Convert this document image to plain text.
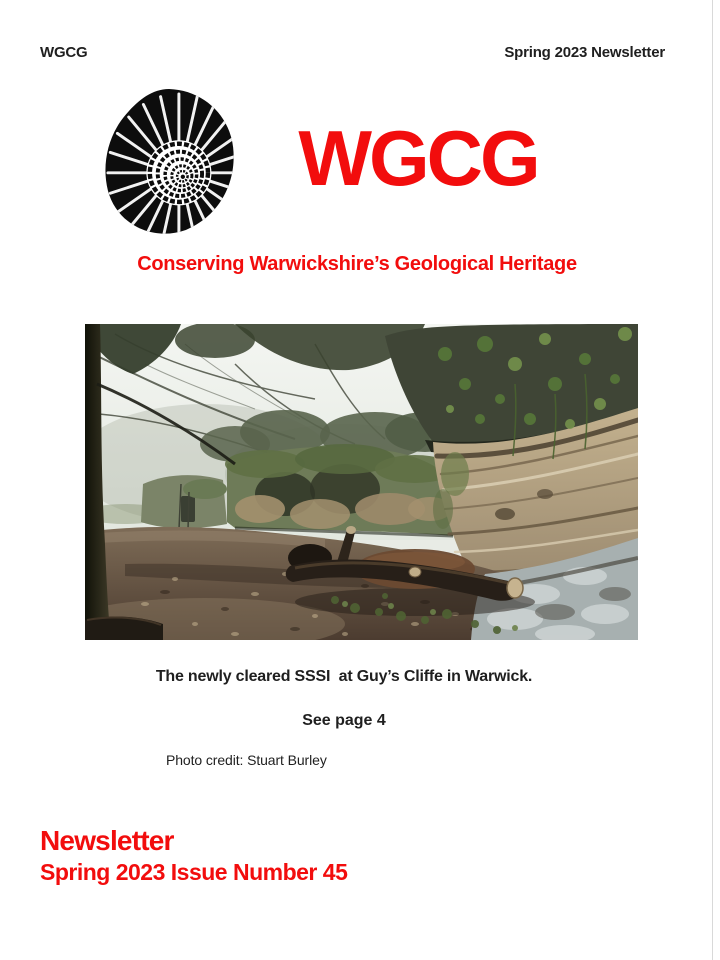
WGCG	Spring 2023 Newsletter
WGCG
Conserving Warwickshire’s Geological Heritage
The newly cleared SSSI  at Guy’s Cliffe in Warwick.
See page 4
Photo credit: Stuart Burley
Newsletter
Spring 2023 Issue Number 45
